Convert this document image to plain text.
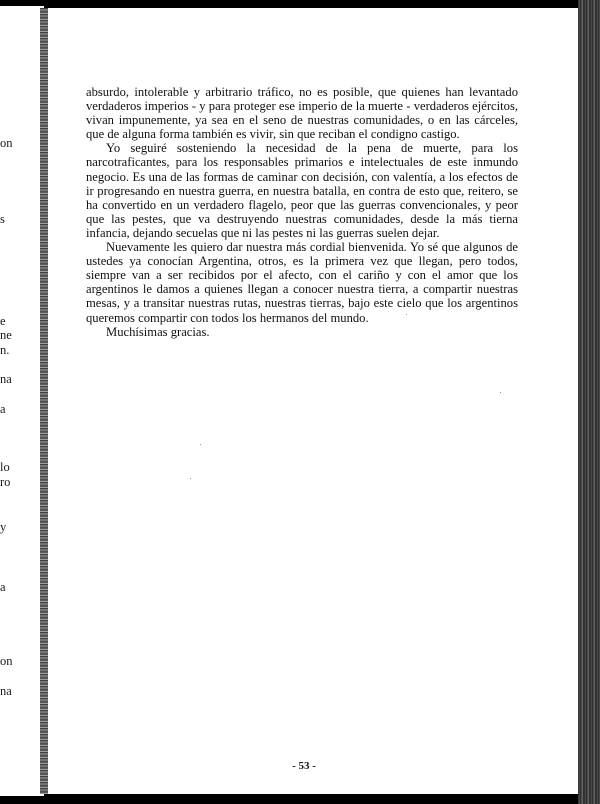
on
s
e
ne
n.
na
a
lo
ro
y
a
on
na

absurdo, intolerable y arbitrario tráfico, no es posible, que quienes han levantado verdaderos imperios - y para proteger ese imperio de la muerte - verdaderos ejércitos, vivan impunemente, ya sea en el seno de nuestras comunidades, o en las cárceles, que de alguna forma también es vivir, sin que reciban el condigno castigo.

Yo seguiré sosteniendo la necesidad de la pena de muerte, para los narcotraficantes, para los responsables primarios e intelectuales de este inmundo negocio. Es una de las formas de caminar con decisión, con valentía, a los efectos de ir progresando en nuestra guerra, en nuestra batalla, en contra de esto que, reitero, se ha convertido en un verdadero flagelo, peor que las guerras convencionales, y peor que las pestes, que va destruyendo nuestras comunidades, desde la más tierna infancia, dejando secuelas que ni las pestes ni las guerras suelen dejar.

Nuevamente les quiero dar nuestra más cordial bienvenida. Yo sé que algunos de ustedes ya conocían Argentina, otros, es la primera vez que llegan, pero todos, siempre van a ser recibidos por el afecto, con el cariño y con el amor que los argentinos le damos a quienes llegan a conocer nuestra tierra, a compartir nuestras mesas, y a transitar nuestras rutas, nuestras tierras, bajo este cielo que los argentinos queremos compartir con todos los hermanos del mundo.

Muchísimas gracias.

- 53 -
